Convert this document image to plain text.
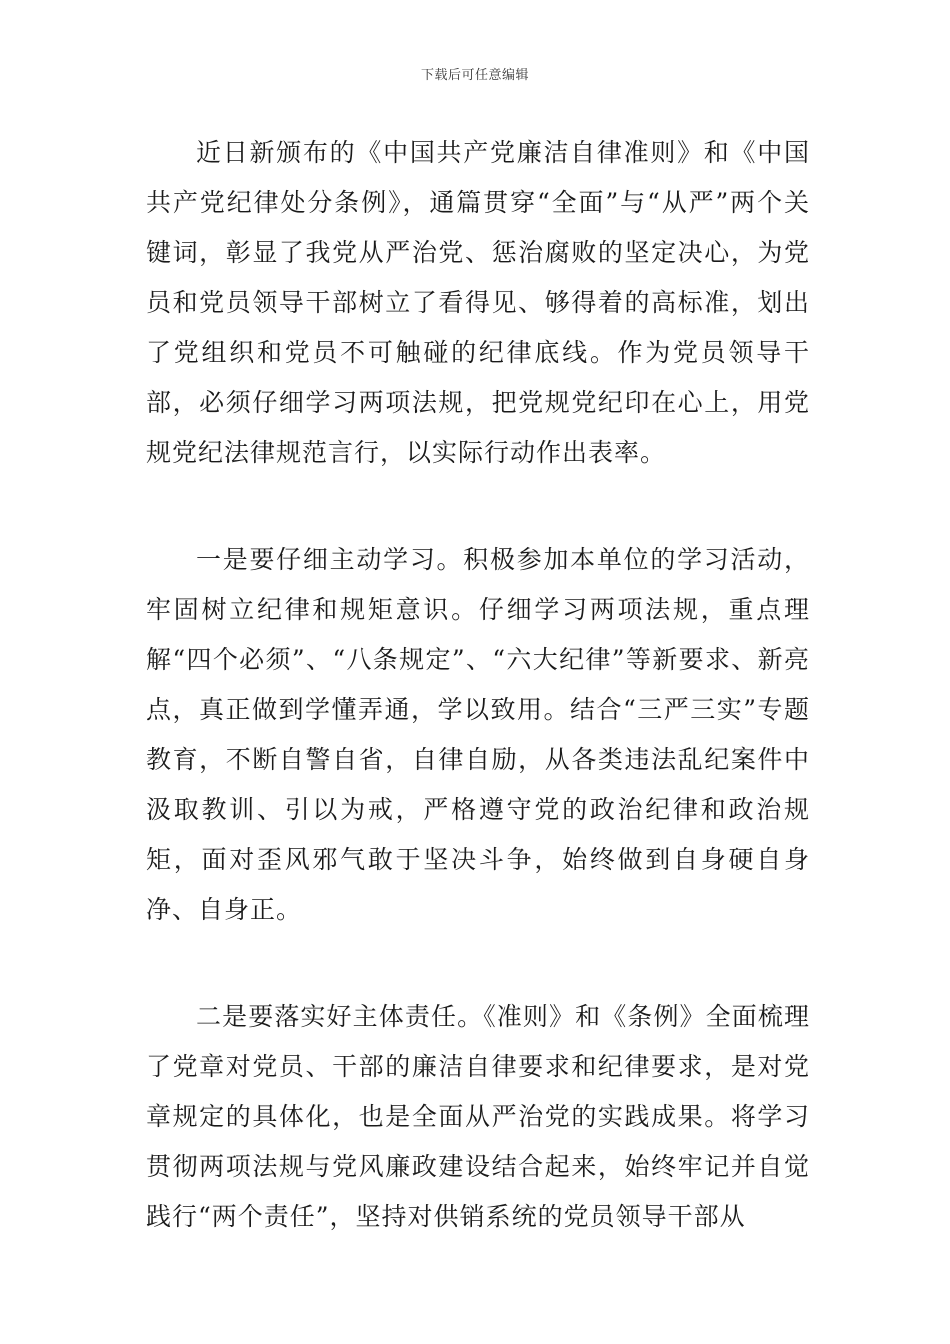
下载后可任意编辑

近日新颁布的《中国共产党廉洁自律准则》和《中国共产党纪律处分条例》，通篇贯穿“全面”与“从严”两个关键词，彰显了我党从严治党、惩治腐败的坚定决心，为党员和党员领导干部树立了看得见、够得着的高标准，划出了党组织和党员不可触碰的纪律底线。作为党员领导干部，必须仔细学习两项法规，把党规党纪印在心上，用党规党纪法律规范言行，以实际行动作出表率。

一是要仔细主动学习。积极参加本单位的学习活动，牢固树立纪律和规矩意识。仔细学习两项法规，重点理解“四个必须”、“八条规定”、“六大纪律”等新要求、新亮点，真正做到学懂弄通，学以致用。结合“三严三实”专题教育，不断自警自省，自律自励，从各类违法乱纪案件中汲取教训、引以为戒，严格遵守党的政治纪律和政治规矩，面对歪风邪气敢于坚决斗争，始终做到自身硬自身净、自身正。

二是要落实好主体责任。《准则》和《条例》全面梳理了党章对党员、干部的廉洁自律要求和纪律要求，是对党章规定的具体化，也是全面从严治党的实践成果。将学习贯彻两项法规与党风廉政建设结合起来，始终牢记并自觉践行“两个责任”，坚持对供销系统的党员领导干部从
